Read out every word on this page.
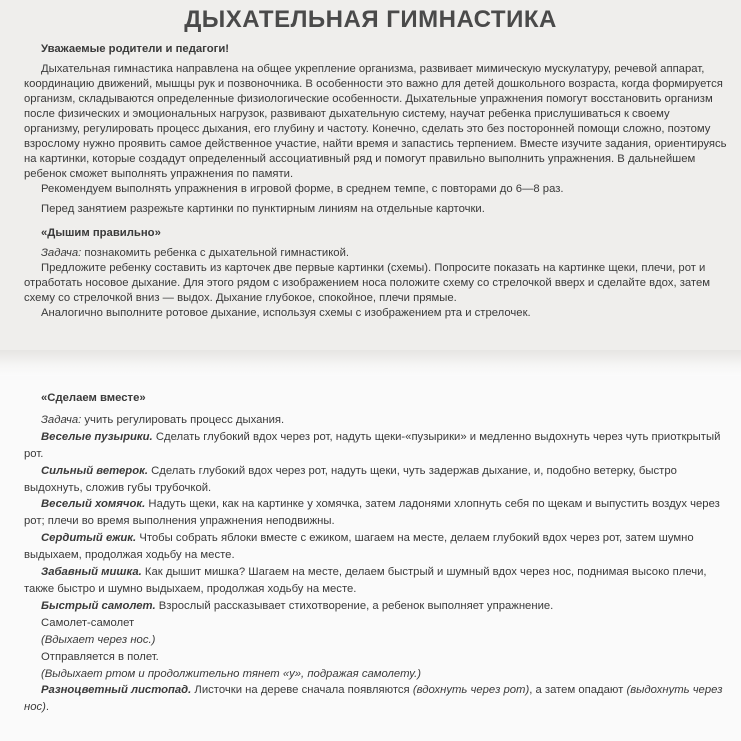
ДЫХАТЕЛЬНАЯ ГИМНАСТИКА

Уважаемые родители и педагоги!

Дыхательная гимнастика направлена на общее укрепление организма, развивает мимическую мускулатуру, речевой аппарат, координацию движений, мышцы рук и позвоночника. В особенности это важно для детей дошкольного возраста, когда формируется организм, складываются определенные физиологические особенности. Дыхательные упражнения помогут восстановить организм после физических и эмоциональных нагрузок, развивают дыхательную систему, научат ребенка прислушиваться к своему организму, регулировать процесс дыхания, его глубину и частоту. Конечно, сделать это без посторонней помощи сложно, поэтому взрослому нужно проявить самое действенное участие, найти время и запастись терпением. Вместе изучите задания, ориентируясь на картинки, которые создадут определенный ассоциативный ряд и помогут правильно выполнить упражнения. В дальнейшем ребенок сможет выполнять упражнения по памяти.

Рекомендуем выполнять упражнения в игровой форме, в среднем темпе, с повторами до 6—8 раз.

Перед занятием разрежьте картинки по пунктирным линиям на отдельные карточки.

«Дышим правильно»

Задача: познакомить ребенка с дыхательной гимнастикой.

Предложите ребенку составить из карточек две первые картинки (схемы). Попросите показать на картинке щеки, плечи, рот и отработать носовое дыхание. Для этого рядом с изображением носа положите схему со стрелочкой вверх и сделайте вдох, затем схему со стрелочкой вниз — выдох. Дыхание глубокое, спокойное, плечи прямые.

Аналогично выполните ротовое дыхание, используя схемы с изображением рта и стрелочек.

«Сделаем вместе»

Задача: учить регулировать процесс дыхания.

Веселые пузырики. Сделать глубокий вдох через рот, надуть щеки-«пузырики» и медленно выдохнуть через чуть приоткрытый рот.

Сильный ветерок. Сделать глубокий вдох через рот, надуть щеки, чуть задержав дыхание, и, подобно ветерку, быстро выдохнуть, сложив губы трубочкой.

Веселый хомячок. Надуть щеки, как на картинке у хомячка, затем ладонями хлопнуть себя по щекам и выпустить воздух через рот; плечи во время выполнения упражнения неподвижны.

Сердитый ежик. Чтобы собрать яблоки вместе с ежиком, шагаем на месте, делаем глубокий вдох через рот, затем шумно выдыхаем, продолжая ходьбу на месте.

Забавный мишка. Как дышит мишка? Шагаем на месте, делаем быстрый и шумный вдох через нос, поднимая высоко плечи, также быстро и шумно выдыхаем, продолжая ходьбу на месте.

Быстрый самолет. Взрослый рассказывает стихотворение, а ребенок выполняет упражнение.

Самолет-самолет

(Вдыхает через нос.)

Отправляется в полет.

(Выдыхает ртом и продолжительно тянет «у», подражая самолету.)

Разноцветный листопад. Листочки на дереве сначала появляются (вдохнуть через рот), а затем опадают (выдохнуть через нос).
